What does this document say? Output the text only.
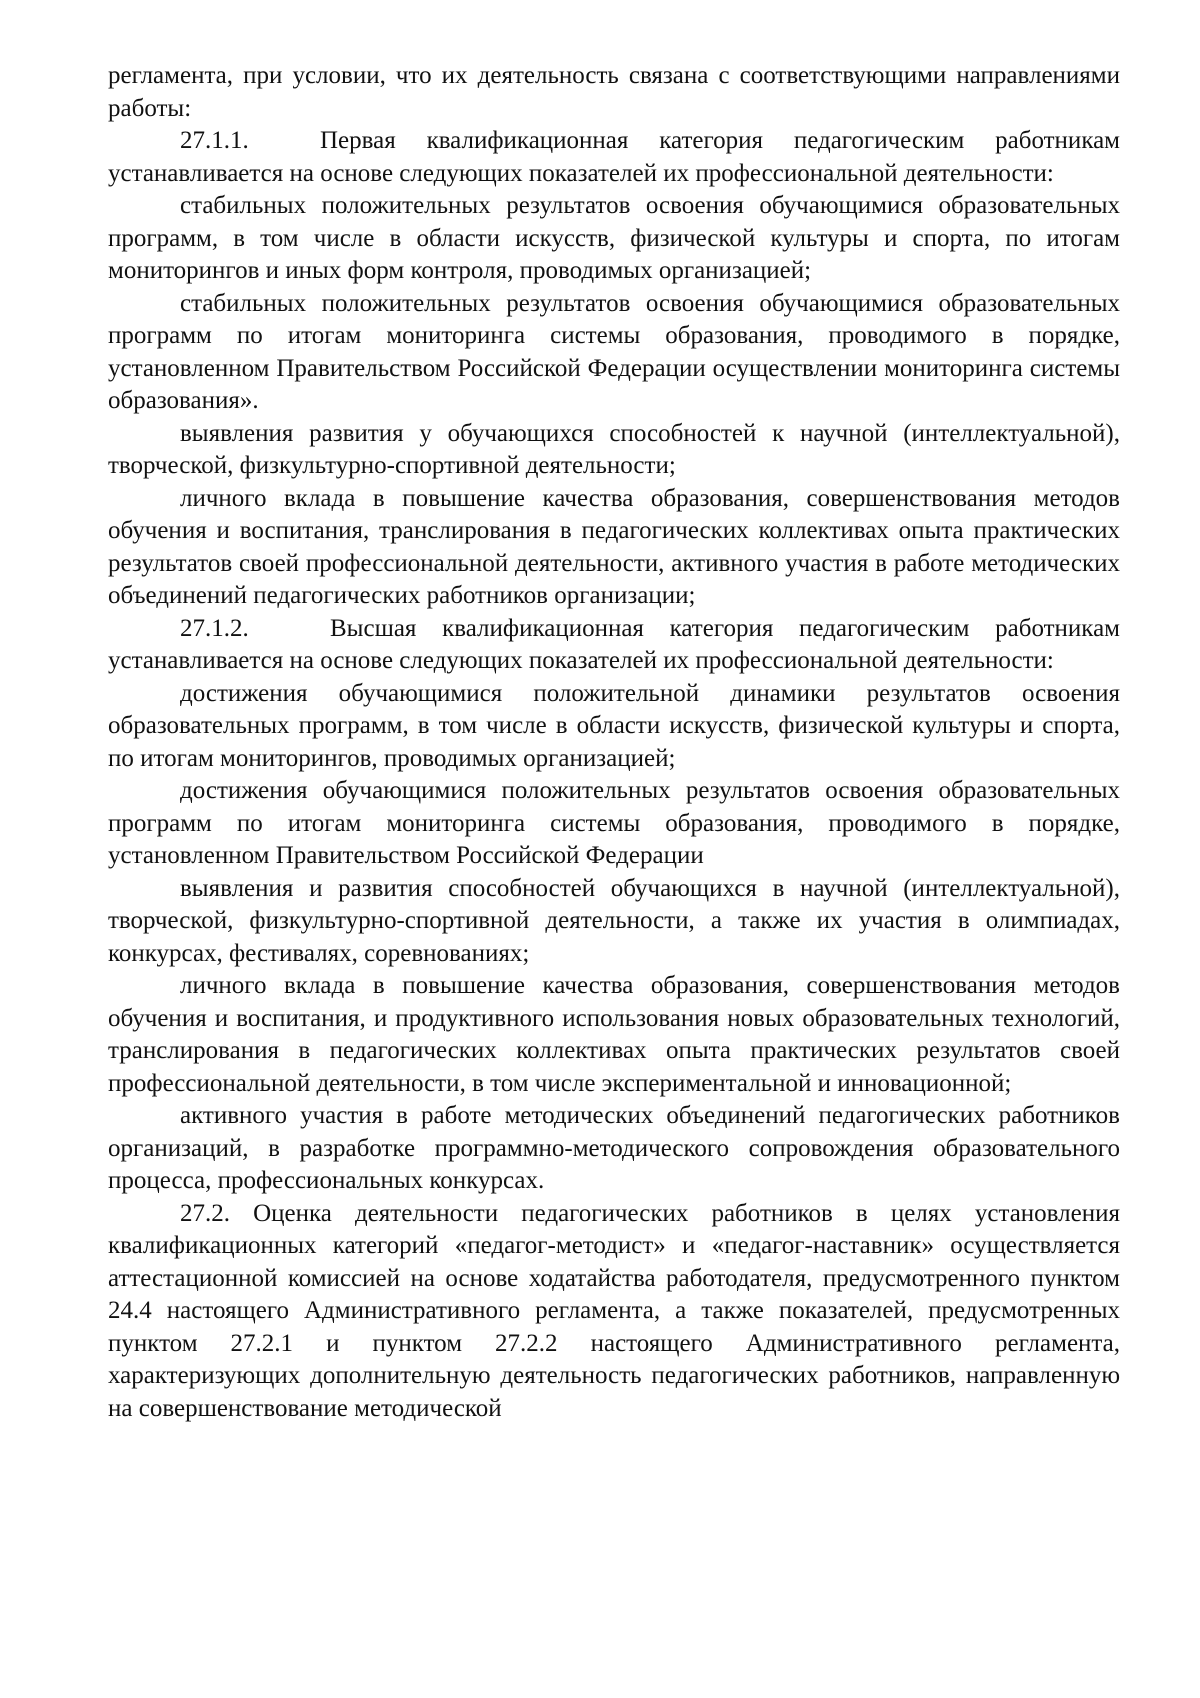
регламента, при условии, что их деятельность связана с соответствующими направлениями работы:

27.1.1.	Первая квалификационная категория педагогическим работникам устанавливается на основе следующих показателей их профессиональной деятельности:

стабильных положительных результатов освоения обучающимися образовательных программ, в том числе в области искусств, физической культуры и спорта, по итогам мониторингов и иных форм контроля, проводимых организацией;

стабильных положительных результатов освоения обучающимися образовательных программ по итогам мониторинга системы образования, проводимого в порядке, установленном Правительством Российской Федерации осуществлении мониторинга системы образования».

выявления развития у обучающихся способностей к научной (интеллектуальной), творческой, физкультурно-спортивной деятельности;

личного вклада в повышение качества образования, совершенствования методов обучения и воспитания, транслирования в педагогических коллективах опыта практических результатов своей профессиональной деятельности, активного участия в работе методических объединений педагогических работников организации;

27.1.2.	Высшая квалификационная категория педагогическим работникам устанавливается на основе следующих показателей их профессиональной деятельности:

достижения обучающимися положительной динамики результатов освоения образовательных программ, в том числе в области искусств, физической культуры и спорта, по итогам мониторингов, проводимых организацией;

достижения обучающимися положительных результатов освоения образовательных программ по итогам мониторинга системы образования, проводимого в порядке, установленном Правительством Российской Федерации

выявления и развития способностей обучающихся в научной (интеллектуальной), творческой, физкультурно-спортивной деятельности, а также их участия в олимпиадах, конкурсах, фестивалях, соревнованиях;

личного вклада в повышение качества образования, совершенствования методов обучения и воспитания, и продуктивного использования новых образовательных технологий, транслирования в педагогических коллективах опыта практических результатов своей профессиональной деятельности, в том числе экспериментальной и инновационной;

активного участия в работе методических объединений педагогических работников организаций, в разработке программно-методического сопровождения образовательного процесса, профессиональных конкурсах.

27.2. Оценка деятельности педагогических работников в целях установления квалификационных категорий «педагог-методист» и «педагог-наставник» осуществляется аттестационной комиссией на основе ходатайства работодателя, предусмотренного пунктом 24.4 настоящего Административного регламента, а также показателей, предусмотренных пунктом 27.2.1 и пунктом 27.2.2 настоящего Административного регламента, характеризующих дополнительную деятельность педагогических работников, направленную на совершенствование методической
